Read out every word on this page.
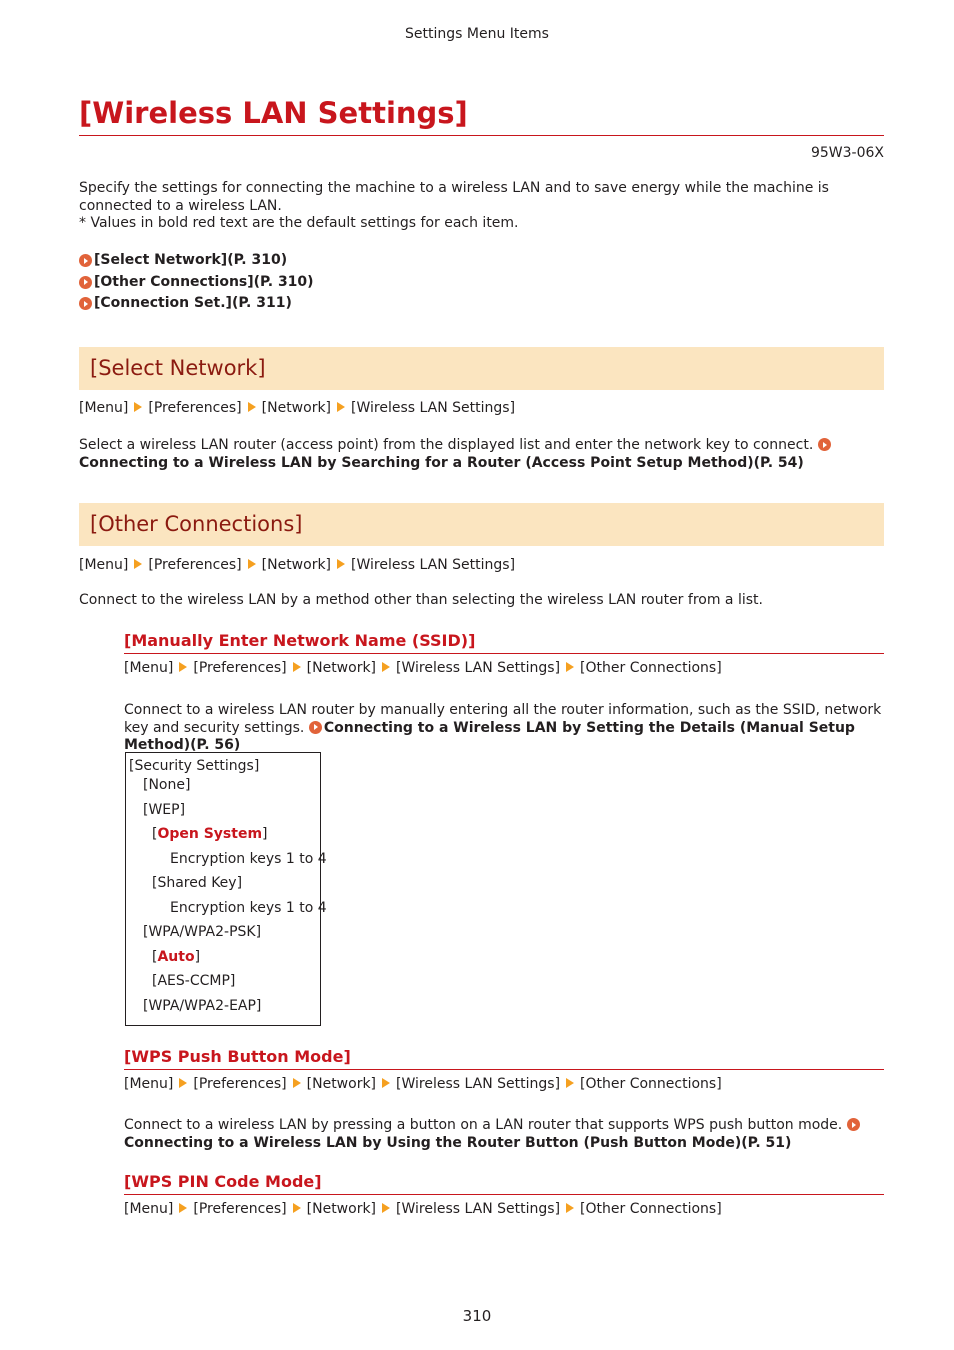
Settings Menu Items
[Wireless LAN Settings]
95W3-06X
Specify the settings for connecting the machine to a wireless LAN and to save energy while the machine is connected to a wireless LAN.
* Values in bold red text are the default settings for each item.
[Select Network](P. 310)
[Other Connections](P. 310)
[Connection Set.](P. 311)
[Select Network]
[Menu] [Preferences] [Network] [Wireless LAN Settings]
Select a wireless LAN router (access point) from the displayed list and enter the network key to connect. Connecting to a Wireless LAN by Searching for a Router (Access Point Setup Method)(P. 54)
[Other Connections]
[Menu] [Preferences] [Network] [Wireless LAN Settings]
Connect to the wireless LAN by a method other than selecting the wireless LAN router from a list.
[Manually Enter Network Name (SSID)]
[Menu] [Preferences] [Network] [Wireless LAN Settings] [Other Connections]
Connect to a wireless LAN router by manually entering all the router information, such as the SSID, network key and security settings. Connecting to a Wireless LAN by Setting the Details (Manual Setup Method)(P. 56)
[Security Settings]
[None]
[WEP]
[Open System]
Encryption keys 1 to 4
[Shared Key]
Encryption keys 1 to 4
[WPA/WPA2-PSK]
[Auto]
[AES-CCMP]
[WPA/WPA2-EAP]
[WPS Push Button Mode]
[Menu] [Preferences] [Network] [Wireless LAN Settings] [Other Connections]
Connect to a wireless LAN by pressing a button on a LAN router that supports WPS push button mode.
Connecting to a Wireless LAN by Using the Router Button (Push Button Mode)(P. 51)
[WPS PIN Code Mode]
[Menu] [Preferences] [Network] [Wireless LAN Settings] [Other Connections]
310
